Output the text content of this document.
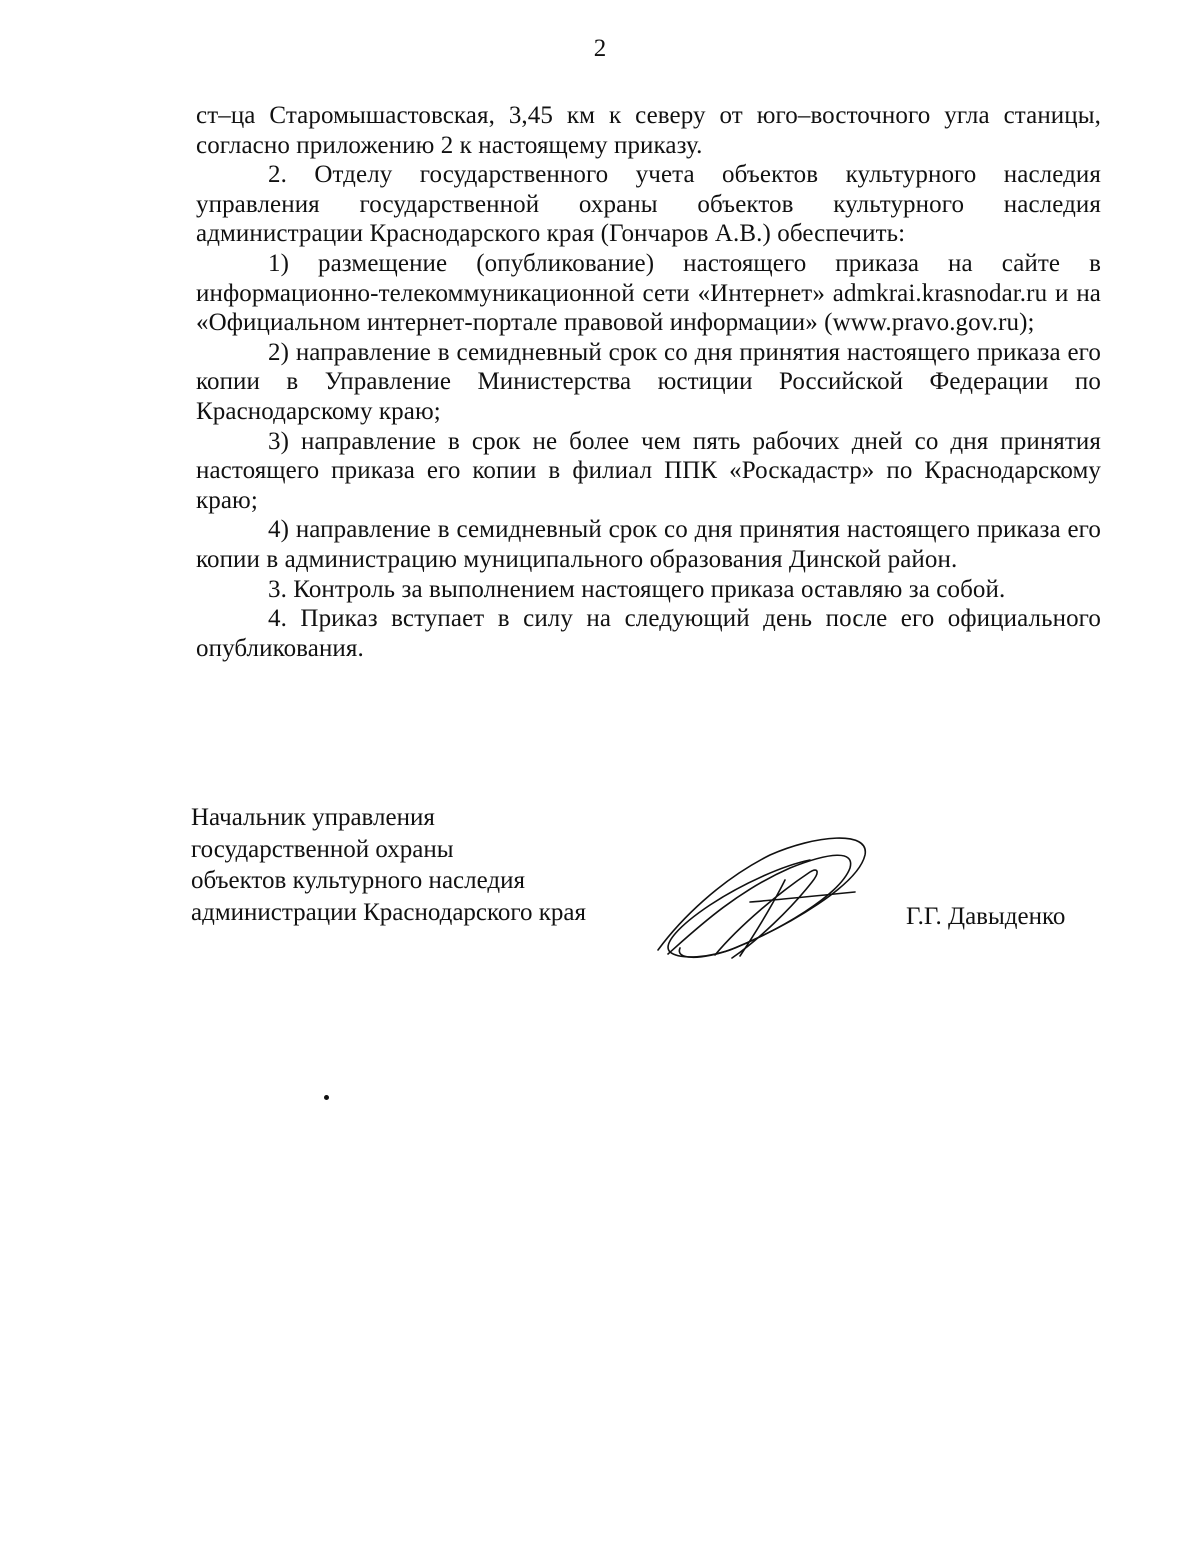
2

ст–ца Старомышастовская, 3,45 км к северу от юго–восточного угла станицы, согласно приложению 2 к настоящему приказу.

2. Отделу государственного учета объектов культурного наследия управления государственной охраны объектов культурного наследия администрации Краснодарского края (Гончаров А.В.) обеспечить:

1) размещение (опубликование) настоящего приказа на сайте в информационно-телекоммуникационной сети «Интернет» admkrai.krasnodar.ru и на «Официальном интернет-портале правовой информации» (www.pravo.gov.ru);

2) направление в семидневный срок со дня принятия настоящего приказа его копии в Управление Министерства юстиции Российской Федерации по Краснодарскому краю;

3) направление в срок не более чем пять рабочих дней со дня принятия настоящего приказа его копии в филиал ППК «Роскадастр» по Краснодарскому краю;

4) направление в семидневный срок со дня принятия настоящего приказа его копии в администрацию муниципального образования Динской район.

3. Контроль за выполнением настоящего приказа оставляю за собой.

4. Приказ вступает в силу на следующий день после его официального опубликования.

Начальник управления
государственной охраны
объектов культурного наследия
администрации Краснодарского края	Г.Г. Давыденко
